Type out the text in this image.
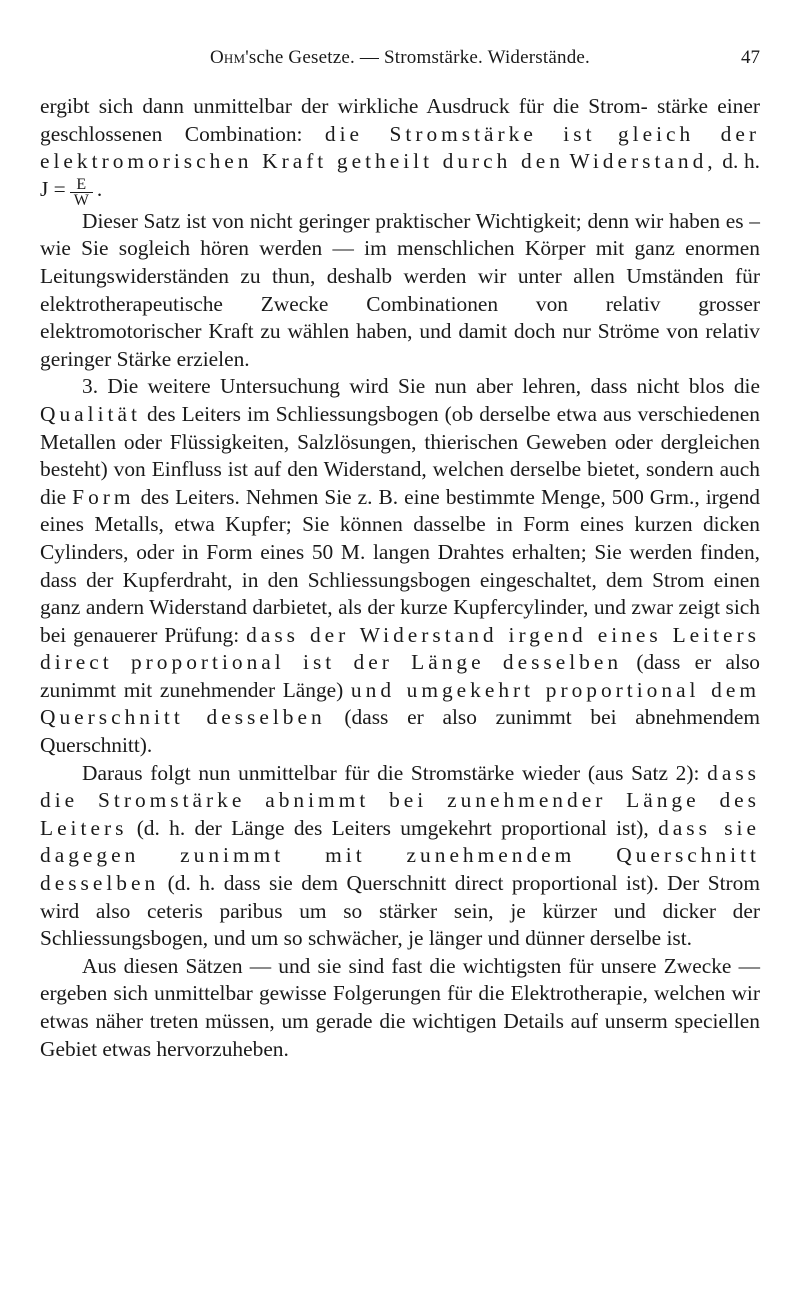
Ohm'sche Gesetze. — Stromstärke. Widerstände.	47

ergibt sich dann unmittelbar der wirkliche Ausdruck für die Strom- stärke einer geschlossenen Combination: die Stromstärke ist gleich der elektromorischen Kraft getheilt durch den Widerstand, d. h. $J = \frac{E}{W}$ .

Dieser Satz ist von nicht geringer praktischer Wichtigkeit; denn wir haben es – wie Sie sogleich hören werden — im menschlichen Körper mit ganz enormen Leitungswiderständen zu thun, deshalb werden wir unter allen Umständen für elektrotherapeutische Zwecke Combinationen von relativ grosser elektromotorischer Kraft zu wählen haben, und damit doch nur Ströme von relativ geringer Stärke erzielen.

3. Die weitere Untersuchung wird Sie nun aber lehren, dass nicht blos die Qualität des Leiters im Schliessungsbogen (ob derselbe etwa aus verschiedenen Metallen oder Flüssigkeiten, Salzlösungen, thierischen Geweben oder dergleichen besteht) von Einfluss ist auf den Widerstand, welchen derselbe bietet, sondern auch die Form des Leiters. Nehmen Sie z. B. eine bestimmte Menge, 500 Grm., irgend eines Metalls, etwa Kupfer; Sie können dasselbe in Form eines kurzen dicken Cylinders, oder in Form eines 50 M. langen Drahtes erhalten; Sie werden finden, dass der Kupferdraht, in den Schliessungsbogen eingeschaltet, dem Strom einen ganz andern Widerstand darbietet, als der kurze Kupfercylinder, und zwar zeigt sich bei genauerer Prüfung: dass der Widerstand irgend eines Leiters direct proportional ist der Länge desselben (dass er also zunimmt mit zunehmender Länge) und umgekehrt proportional dem Querschnitt desselben (dass er also zunimmt bei abnehmendem Querschnitt).

Daraus folgt nun unmittelbar für die Stromstärke wieder (aus Satz 2): dass die Stromstärke abnimmt bei zunehmender Länge des Leiters (d. h. der Länge des Leiters umgekehrt proportional ist), dass sie dagegen zunimmt mit zunehmendem Querschnitt desselben (d. h. dass sie dem Querschnitt direct proportional ist). Der Strom wird also ceteris paribus um so stärker sein, je kürzer und dicker der Schliessungsbogen, und um so schwächer, je länger und dünner derselbe ist.

Aus diesen Sätzen — und sie sind fast die wichtigsten für unsere Zwecke — ergeben sich unmittelbar gewisse Folgerungen für die Elektrotherapie, welchen wir etwas näher treten müssen, um gerade die wichtigen Details auf unserm speciellen Gebiet etwas hervorzuheben.
